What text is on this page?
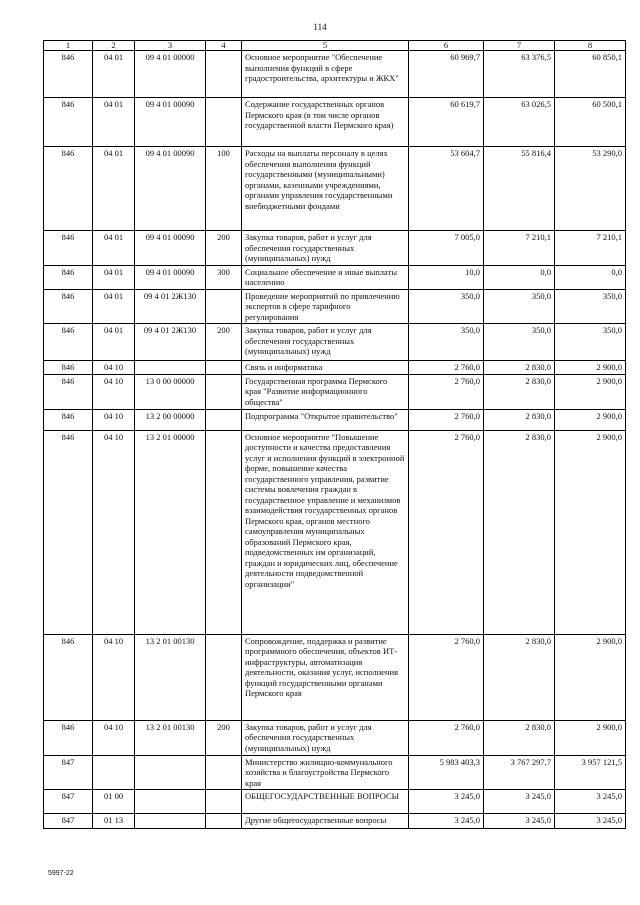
114
1	2	3	4	5	6	7	8
846	04 01	09 4 01 00000		Основное мероприятие "Обеспечение выполнения функций в сфере градостроительства, архитектуры и ЖКХ"	60 969,7	63 376,5	60 850,1
846	04 01	09 4 01 00090		Содержание государственных органов Пермского края (в том числе органов государственной власти Пермского края)	60 619,7	63 026,5	60 500,1
846	04 01	09 4 01 00090	100	Расходы на выплаты персоналу в целях обеспечения выполнения функций государственными (муниципальными) органами, казенными учреждениями, органами управления государственными внебюджетными фондами	53 604,7	55 816,4	53 290,0
846	04 01	09 4 01 00090	200	Закупка товаров, работ и услуг для обеспечения государственных (муниципальных) нужд	7 005,0	7 210,1	7 210,1
846	04 01	09 4 01 00090	300	Социальное обеспечение и иные выплаты населению	10,0	0,0	0,0
846	04 01	09 4 01 2Ж130		Проведение мероприятий по привлечению экспертов в сфере тарифного регулирования	350,0	350,0	350,0
846	04 01	09 4 01 2Ж130	200	Закупка товаров, работ и услуг для обеспечения государственных (муниципальных) нужд	350,0	350,0	350,0
846	04 10			Связь и информатика	2 760,0	2 830,0	2 900,0
846	04 10	13 0 00 00000		Государственная программа Пермского края "Развитие информационного общества"	2 760,0	2 830,0	2 900,0
846	04 10	13 2 00 00000		Подпрограмма "Открытое правительство"	2 760,0	2 830,0	2 900,0
846	04 10	13 2 01 00000		Основное мероприятие "Повышение доступности и качества предоставления услуг и исполнения функций в электронной форме, повышение качества государственного управления, развитие системы вовлечения граждан в государственное управление и механизмов взаимодействия государственных органов Пермского края, органов местного самоуправления муниципальных образований Пермского края, подведомственных им организаций, граждан и юридических лиц, обеспечение деятельности подведомственной организации"	2 760,0	2 830,0	2 900,0
846	04 10	13 2 01 00130		Сопровождение, поддержка и развитие программного обеспечения, объектов ИТ-инфраструктуры, автоматизация деятельности, оказания услуг, исполнения функций государственными органами Пермского края	2 760,0	2 830,0	2 900,0
846	04 10	13 2 01 00130	200	Закупка товаров, работ и услуг для обеспечения государственных (муниципальных) нужд	2 760,0	2 830,0	2 900,0
847				Министерство жилищно-коммунального хозяйства и благоустройства Пермского края	5 983 403,3	3 767 297,7	3 957 121,5
847	01 00			ОБЩЕГОСУДАРСТВЕННЫЕ ВОПРОСЫ	3 245,0	3 245,0	3 245,0
847	01 13			Другие общегосударственные вопросы	3 245,0	3 245,0	3 245,0
5997-22
